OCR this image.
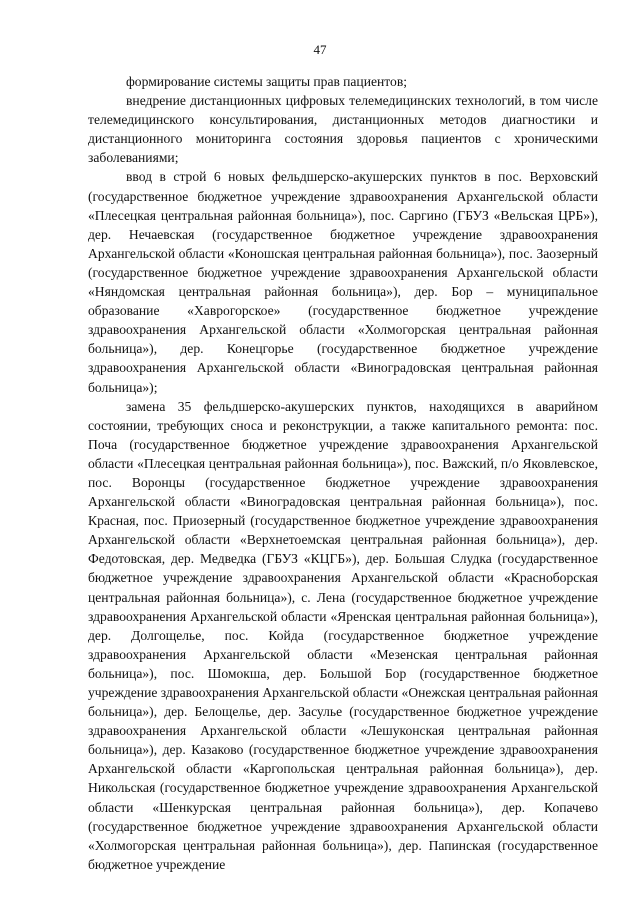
47

формирование системы защиты прав пациентов;

внедрение дистанционных цифровых телемедицинских технологий, в том числе телемедицинского консультирования, дистанционных методов диагностики и дистанционного мониторинга состояния здоровья пациентов с хроническими заболеваниями;

ввод в строй 6 новых фельдшерско-акушерских пунктов в пос. Верховский (государственное бюджетное учреждение здравоохранения Архангельской области «Плесецкая центральная районная больница»), пос. Саргино (ГБУЗ «Вельская ЦРБ»), дер. Нечаевская (государственное бюджетное учреждение здравоохранения Архангельской области «Коношская центральная районная больница»), пос. Заозерный (государственное бюджетное учреждение здравоохранения Архангельской области «Няндомская центральная районная больница»), дер. Бор – муниципальное образование «Хаврогорское» (государственное бюджетное учреждение здравоохранения Архангельской области «Холмогорская центральная районная больница»), дер. Конецгорье (государственное бюджетное учреждение здравоохранения Архангельской области «Виноградовская центральная районная больница»);

замена 35 фельдшерско-акушерских пунктов, находящихся в аварийном состоянии, требующих сноса и реконструкции, а также капитального ремонта: пос. Поча (государственное бюджетное учреждение здравоохранения Архангельской области «Плесецкая центральная районная больница»), пос. Важский, п/о Яковлевское, пос. Воронцы (государственное бюджетное учреждение здравоохранения Архангельской области «Виноградовская центральная районная больница»), пос. Красная, пос. Приозерный (государственное бюджетное учреждение здравоохранения Архангельской области «Верхнетоемская центральная районная больница»), дер. Федотовская, дер. Медведка (ГБУЗ «КЦГБ»), дер. Большая Слудка (государственное бюджетное учреждение здравоохранения Архангельской области «Красноборская центральная районная больница»), с. Лена (государственное бюджетное учреждение здравоохранения Архангельской области «Яренская центральная районная больница»), дер. Долгощелье, пос. Койда (государственное бюджетное учреждение здравоохранения Архангельской области «Мезенская центральная районная больница»), пос. Шомокша, дер. Большой Бор (государственное бюджетное учреждение здравоохранения Архангельской области «Онежская центральная районная больница»), дер. Белощелье, дер. Засулье (государственное бюджетное учреждение здравоохранения Архангельской области «Лешуконская центральная районная больница»), дер. Казаково (государственное бюджетное учреждение здравоохранения Архангельской области «Каргопольская центральная районная больница»), дер. Никольская (государственное бюджетное учреждение здравоохранения Архангельской области «Шенкурская центральная районная больница»), дер. Копачево (государственное бюджетное учреждение здравоохранения Архангельской области «Холмогорская центральная районная больница»), дер. Папинская (государственное бюджетное учреждение
